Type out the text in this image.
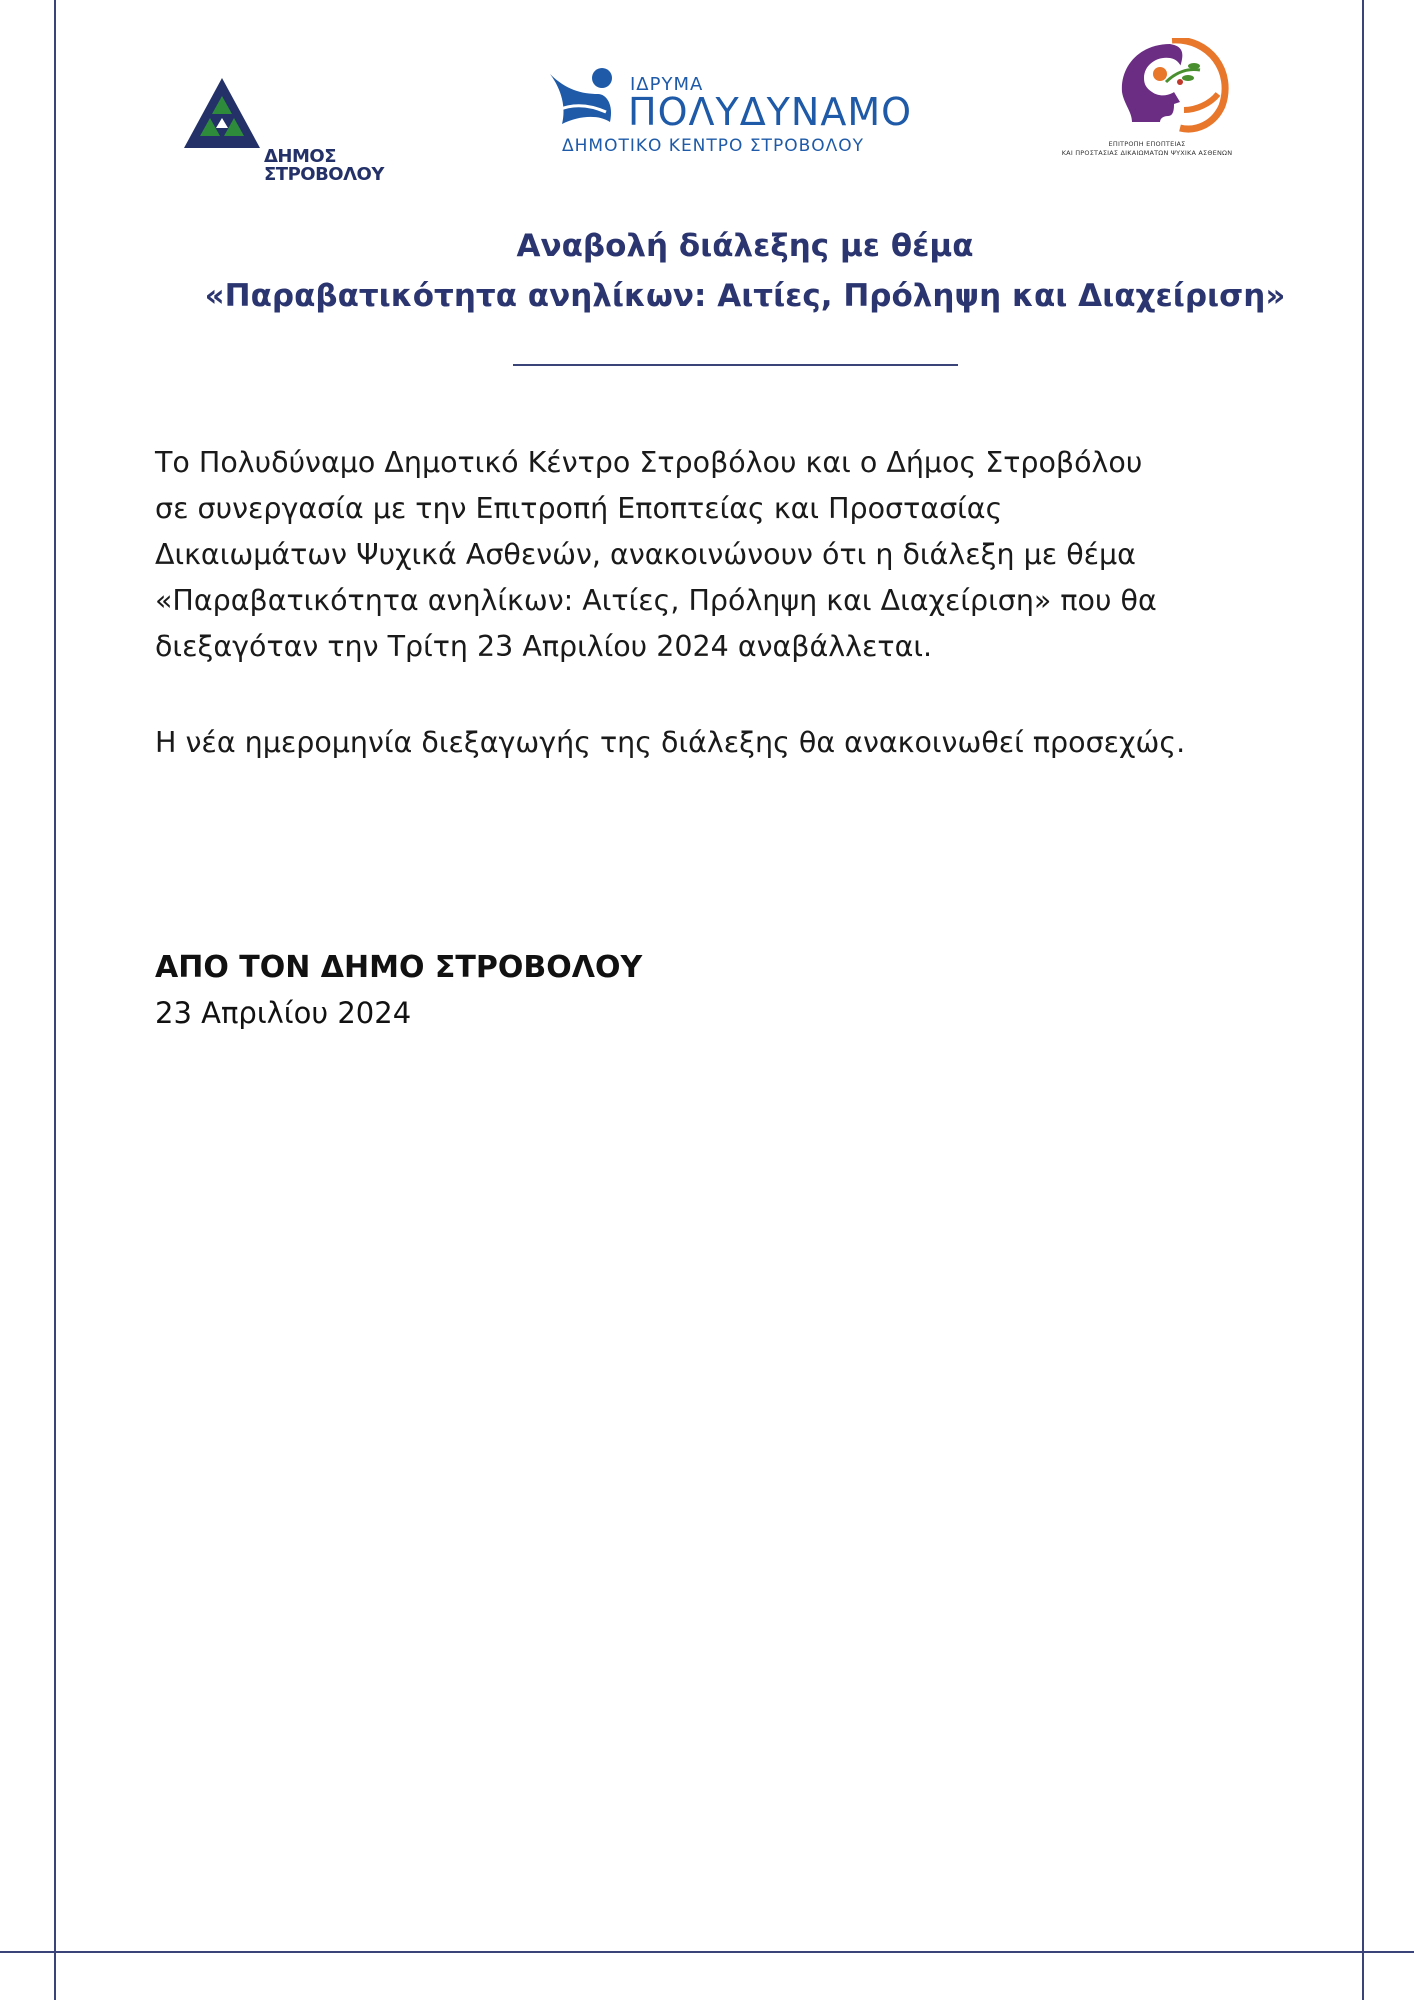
ΔΗΜΟΣ
ΣΤΡΟΒΟΛΟΥ
ΙΔΡΥΜΑ
ΠΟΛΥΔΥΝΑΜΟ
ΔΗΜΟΤΙΚΟ ΚΕΝΤΡΟ ΣΤΡΟΒΟΛΟΥ	ΕΠΙΤΡΟΠΗ ΕΠΟΠΤΕΙΑΣ
ΚΑΙ ΠΡΟΣΤΑΣΙΑΣ ΔΙΚΑΙΩΜΑΤΩΝ ΨΥΧΙΚΑ ΑΣΘΕΝΩΝ
Αναβολή διάλεξης με θέμα
«Παραβατικότητα ανηλίκων: Αιτίες, Πρόληψη και Διαχείριση»
Το Πολυδύναμο Δημοτικό Κέντρο Στροβόλου και ο Δήμος Στροβόλου
σε συνεργασία με την Επιτροπή Εποπτείας και Προστασίας
Δικαιωμάτων Ψυχικά Ασθενών, ανακοινώνουν ότι η διάλεξη με θέμα
«Παραβατικότητα ανηλίκων: Αιτίες, Πρόληψη και Διαχείριση» που θα
διεξαγόταν την Τρίτη 23 Απριλίου 2024 αναβάλλεται.
Η νέα ημερομηνία διεξαγωγής της διάλεξης θα ανακοινωθεί προσεχώς.
ΑΠΟ ΤΟΝ ΔΗΜΟ ΣΤΡΟΒΟΛΟΥ
23 Απριλίου 2024
